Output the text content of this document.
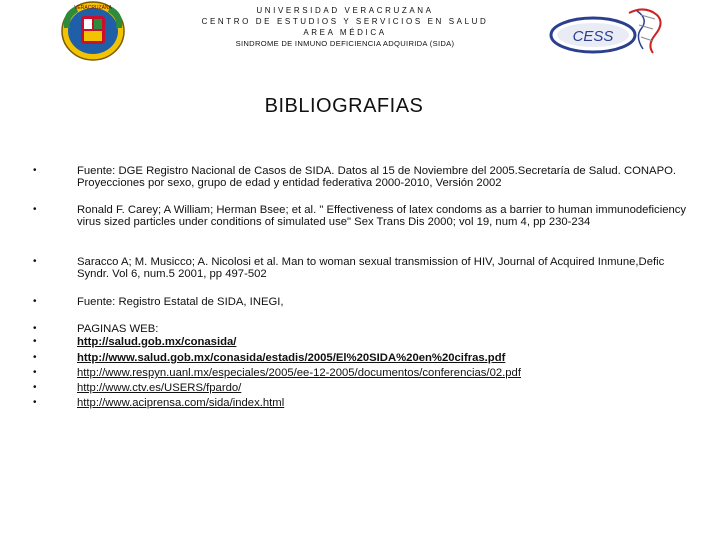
VERACRUZANA	UNIVERSIDAD VERACRUZANA
CENTRO DE ESTUDIOS Y SERVICIOS EN SALUD
AREA MÉDICA
SINDROME DE INMUNO DEFICIENCIA ADQUIRIDA (SIDA)	CESS
BIBLIOGRAFIAS
•	Fuente: DGE Registro Nacional de Casos de SIDA. Datos al 15 de Noviembre del 2005.Secretaría de Salud. CONAPO. Proyecciones por sexo, grupo de edad y entidad federativa 2000-2010, Versión 2002
•	Ronald F. Carey; A William; Herman Bsee; et al. " Effectiveness of latex condoms as a barrier to human immunodeficiency virus sized particles under conditions of simulated use" Sex Trans Dis 2000; vol 19, num 4, pp 230-234
•	Saracco A; M. Musicco; A. Nicolosi et al. Man to woman sexual transmission of HIV, Journal of Acquired Inmune,Defic Syndr. Vol 6, num.5 2001, pp 497-502
•	Fuente: Registro Estatal de SIDA, INEGI,
•	PAGINAS WEB:
•	http://salud.gob.mx/conasida/
•	http://www.salud.gob.mx/conasida/estadis/2005/El%20SIDA%20en%20cifras.pdf
•	http://www.respyn.uanl.mx/especiales/2005/ee-12-2005/documentos/conferencias/02.pdf
•	http://www.ctv.es/USERS/fpardo/
•	http://www.aciprensa.com/sida/index.html
